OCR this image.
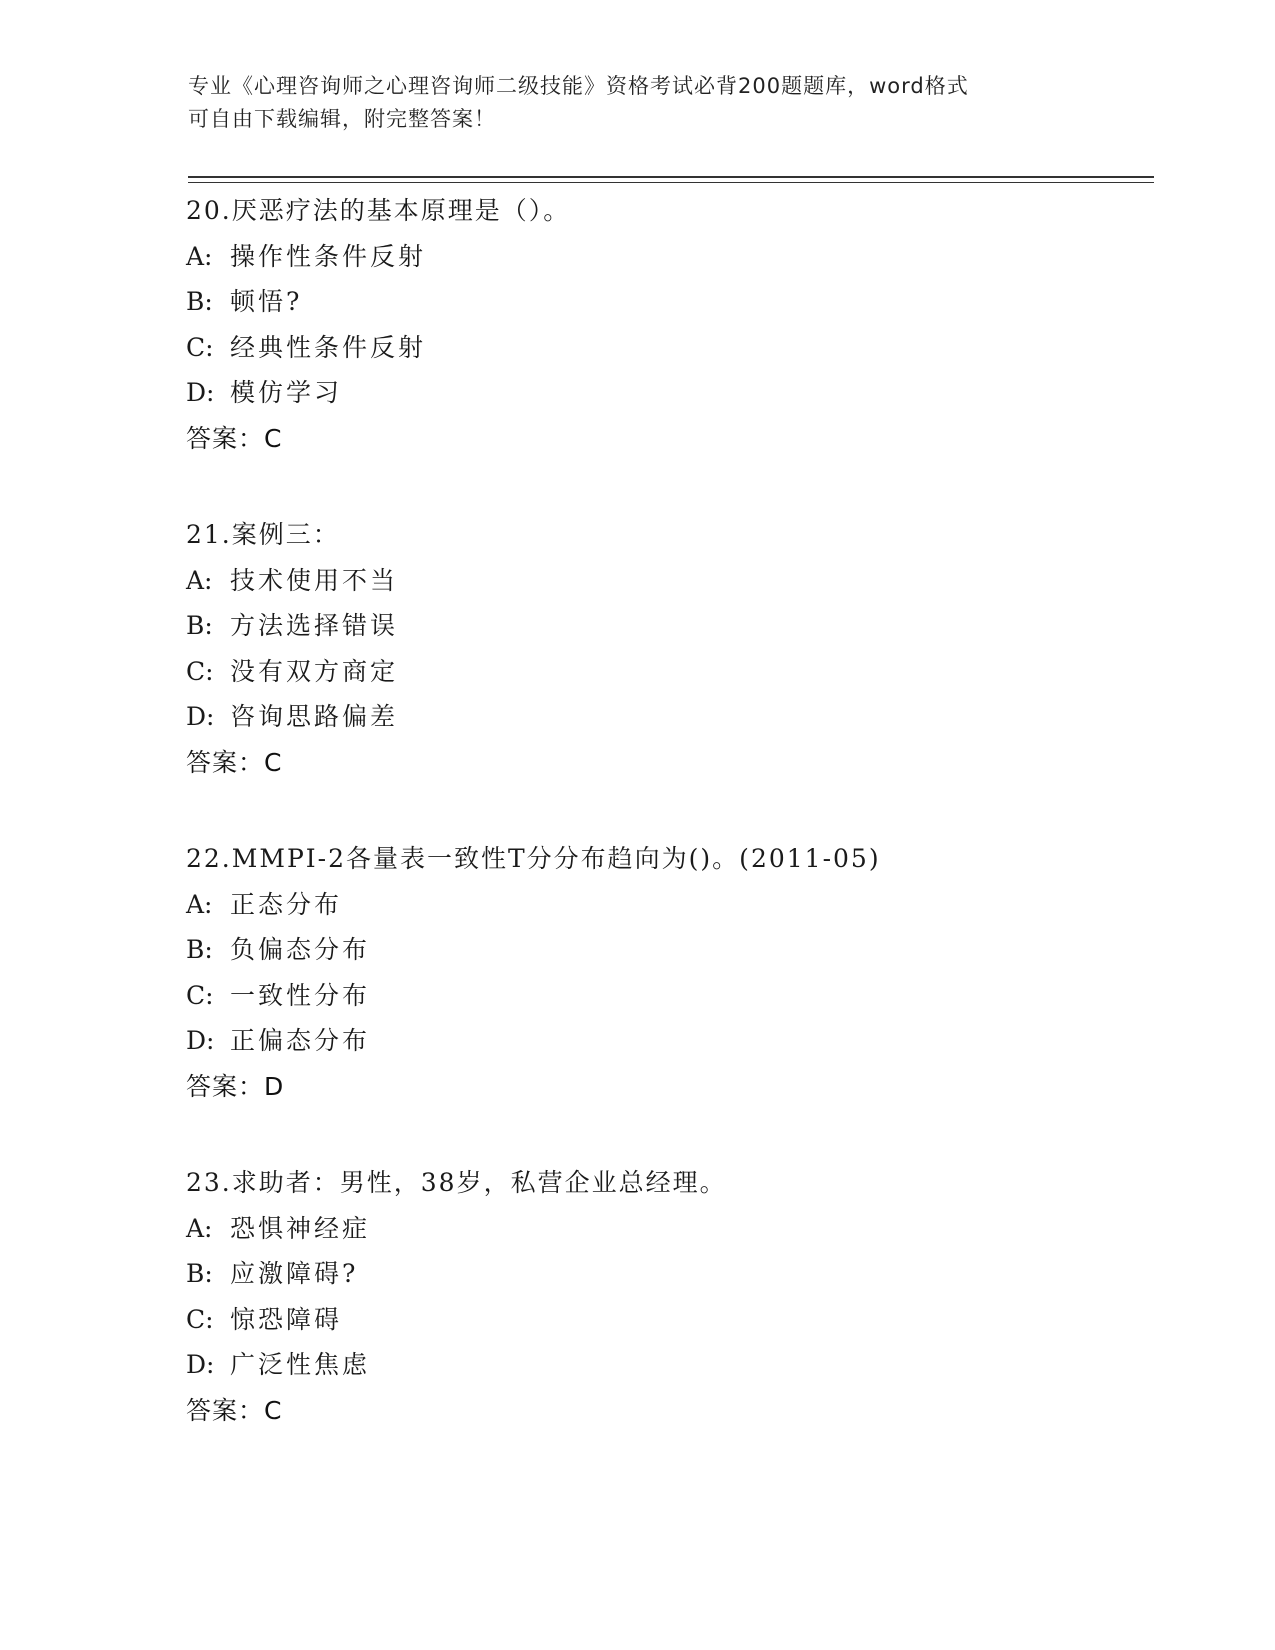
专业《心理咨询师之心理咨询师二级技能》资格考试必背200题题库，word格式
可自由下载编辑，附完整答案！
20.厌恶疗法的基本原理是（）。
A: 操作性条件反射
B: 顿悟?
C: 经典性条件反射
D: 模仿学习
答案：C
21.案例三：
A: 技术使用不当
B: 方法选择错误
C: 没有双方商定
D: 咨询思路偏差
答案：C
22.MMPI-2各量表一致性T分分布趋向为()。(2011-05)
A: 正态分布
B: 负偏态分布
C: 一致性分布
D: 正偏态分布
答案：D
23.求助者：男性，38岁，私营企业总经理。
A: 恐惧神经症
B: 应激障碍?
C: 惊恐障碍
D: 广泛性焦虑
答案：C
